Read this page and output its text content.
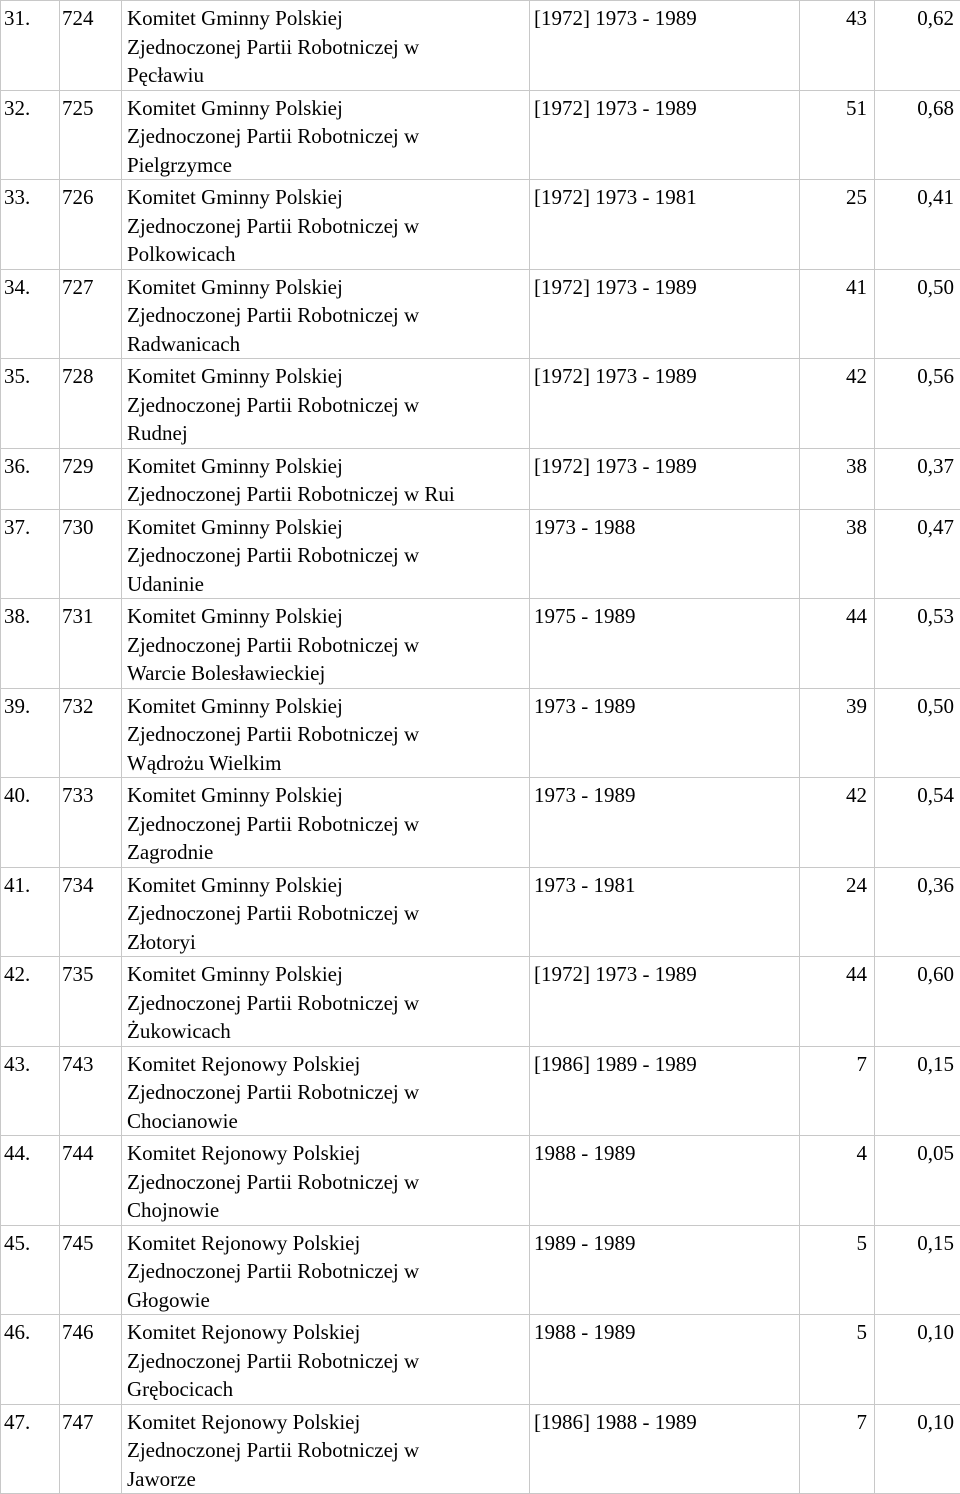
31.	724	Komitet Gminny Polskiej
Zjednoczonej Partii Robotniczej w
Pęcławiu	[1972] 1973 - 1989	43	0,62
32.	725	Komitet Gminny Polskiej
Zjednoczonej Partii Robotniczej w
Pielgrzymce	[1972] 1973 - 1989	51	0,68
33.	726	Komitet Gminny Polskiej
Zjednoczonej Partii Robotniczej w
Polkowicach	[1972] 1973 - 1981	25	0,41
34.	727	Komitet Gminny Polskiej
Zjednoczonej Partii Robotniczej w
Radwanicach	[1972] 1973 - 1989	41	0,50
35.	728	Komitet Gminny Polskiej
Zjednoczonej Partii Robotniczej w
Rudnej	[1972] 1973 - 1989	42	0,56
36.	729	Komitet Gminny Polskiej
Zjednoczonej Partii Robotniczej w Rui	[1972] 1973 - 1989	38	0,37
37.	730	Komitet Gminny Polskiej
Zjednoczonej Partii Robotniczej w
Udaninie	1973 - 1988	38	0,47
38.	731	Komitet Gminny Polskiej
Zjednoczonej Partii Robotniczej w
Warcie Bolesławieckiej	1975 - 1989	44	0,53
39.	732	Komitet Gminny Polskiej
Zjednoczonej Partii Robotniczej w
Wądrożu Wielkim	1973 - 1989	39	0,50
40.	733	Komitet Gminny Polskiej
Zjednoczonej Partii Robotniczej w
Zagrodnie	1973 - 1989	42	0,54
41.	734	Komitet Gminny Polskiej
Zjednoczonej Partii Robotniczej w
Złotoryi	1973 - 1981	24	0,36
42.	735	Komitet Gminny Polskiej
Zjednoczonej Partii Robotniczej w
Żukowicach	[1972] 1973 - 1989	44	0,60
43.	743	Komitet Rejonowy Polskiej
Zjednoczonej Partii Robotniczej w
Chocianowie	[1986] 1989 - 1989	7	0,15
44.	744	Komitet Rejonowy Polskiej
Zjednoczonej Partii Robotniczej w
Chojnowie	1988 - 1989	4	0,05
45.	745	Komitet Rejonowy Polskiej
Zjednoczonej Partii Robotniczej w
Głogowie	1989 - 1989	5	0,15
46.	746	Komitet Rejonowy Polskiej
Zjednoczonej Partii Robotniczej w
Grębocicach	1988 - 1989	5	0,10
47.	747	Komitet Rejonowy Polskiej
Zjednoczonej Partii Robotniczej w
Jaworze	[1986] 1988 - 1989	7	0,10
